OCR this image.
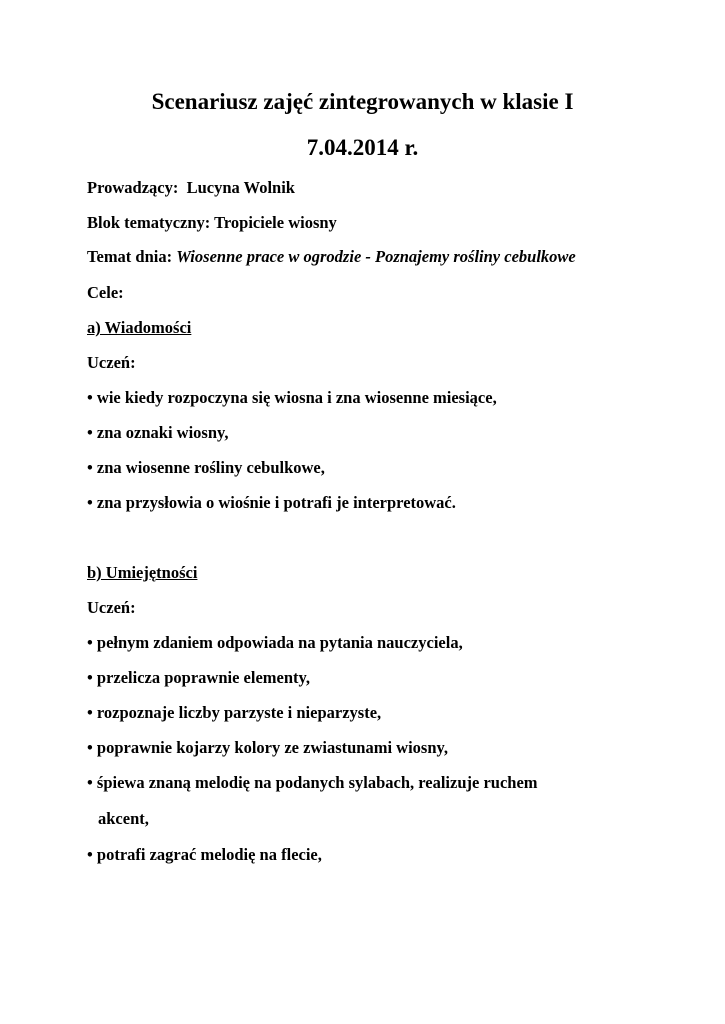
Scenariusz zajęć zintegrowanych w klasie I
7.04.2014 r.

Prowadzący: Lucyna Wolnik

Blok tematyczny: Tropiciele wiosny

Temat dnia: Wiosenne prace w ogrodzie - Poznajemy rośliny cebulkowe

Cele:

a) Wiadomości

Uczeń:

• wie kiedy rozpoczyna się wiosna i zna wiosenne miesiące,

• zna oznaki wiosny,

• zna wiosenne rośliny cebulkowe,

• zna przysłowia o wiośnie i potrafi je interpretować.

b) Umiejętności

Uczeń:

• pełnym zdaniem odpowiada na pytania nauczyciela,

• przelicza poprawnie elementy,

• rozpoznaje liczby parzyste i nieparzyste,

• poprawnie kojarzy kolory ze zwiastunami wiosny,

• śpiewa znaną melodię na podanych sylabach, realizuje ruchem

akcent,

• potrafi zagrać melodię na flecie,
